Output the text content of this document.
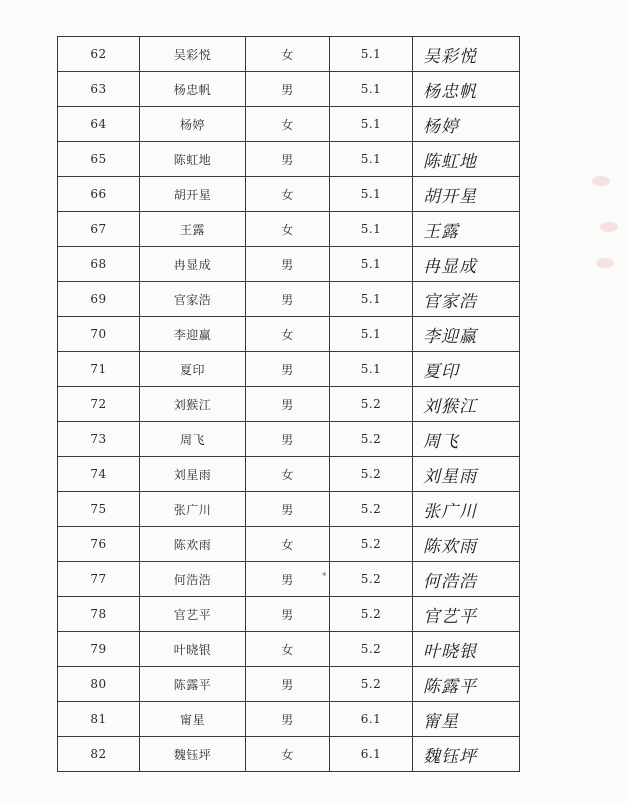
62	吴彩悦	女	5.1	吴彩悦
63	杨忠帆	男	5.1	杨忠帆
64	杨婷	女	5.1	杨婷
65	陈虹地	男	5.1	陈虹地
66	胡开星	女	5.1	胡开星
67	王露	女	5.1	王露
68	冉显成	男	5.1	冉显成
69	官家浩	男	5.1	官家浩
70	李迎赢	女	5.1	李迎赢
71	夏印	男	5.1	夏印
72	刘猴江	男	5.2	刘猴江
73	周飞	男	5.2	周飞
74	刘星雨	女	5.2	刘星雨
75	张广川	男	5.2	张广川
76	陈欢雨	女	5.2	陈欢雨
77	何浩浩	男	5.2	何浩浩
78	官艺平	男	5.2	官艺平
79	叶晓银	女	5.2	叶晓银
80	陈露平	男	5.2	陈露平
81	甯星	男	6.1	甯星
82	魏钰坪	女	6.1	魏钰坪
*
